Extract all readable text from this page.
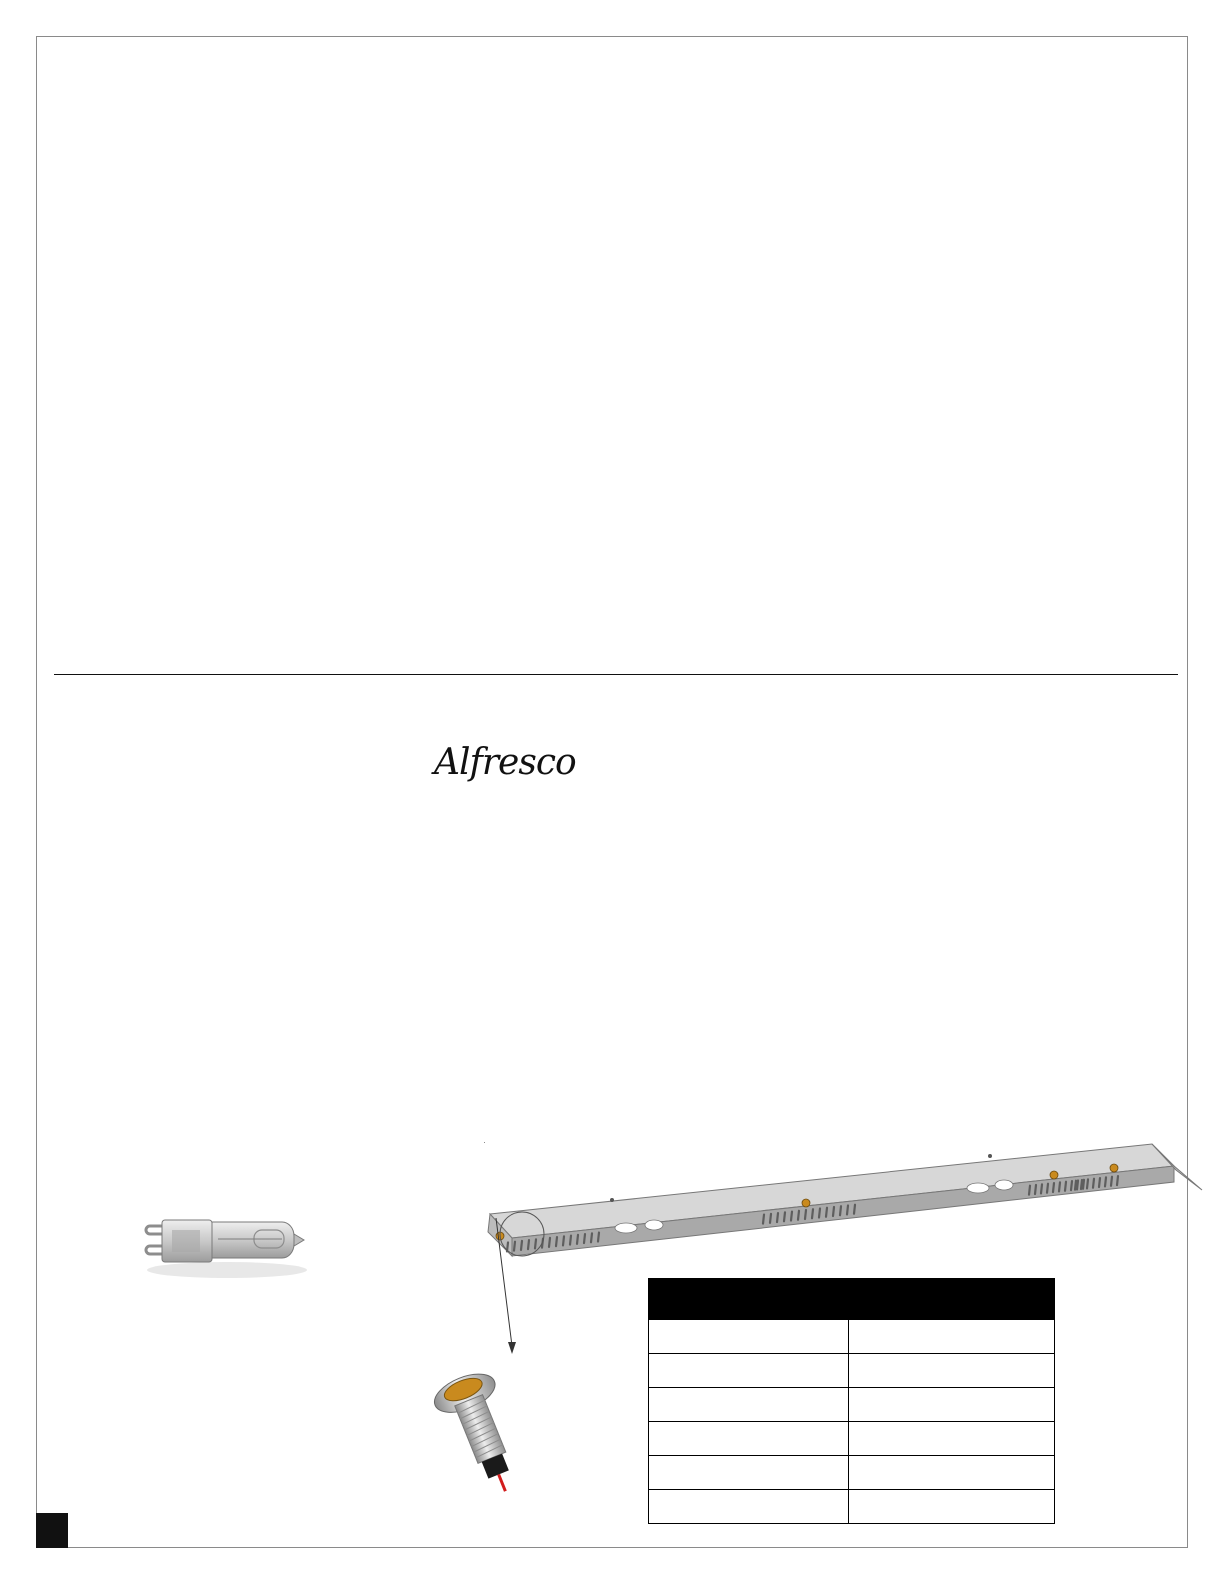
Alfresco
